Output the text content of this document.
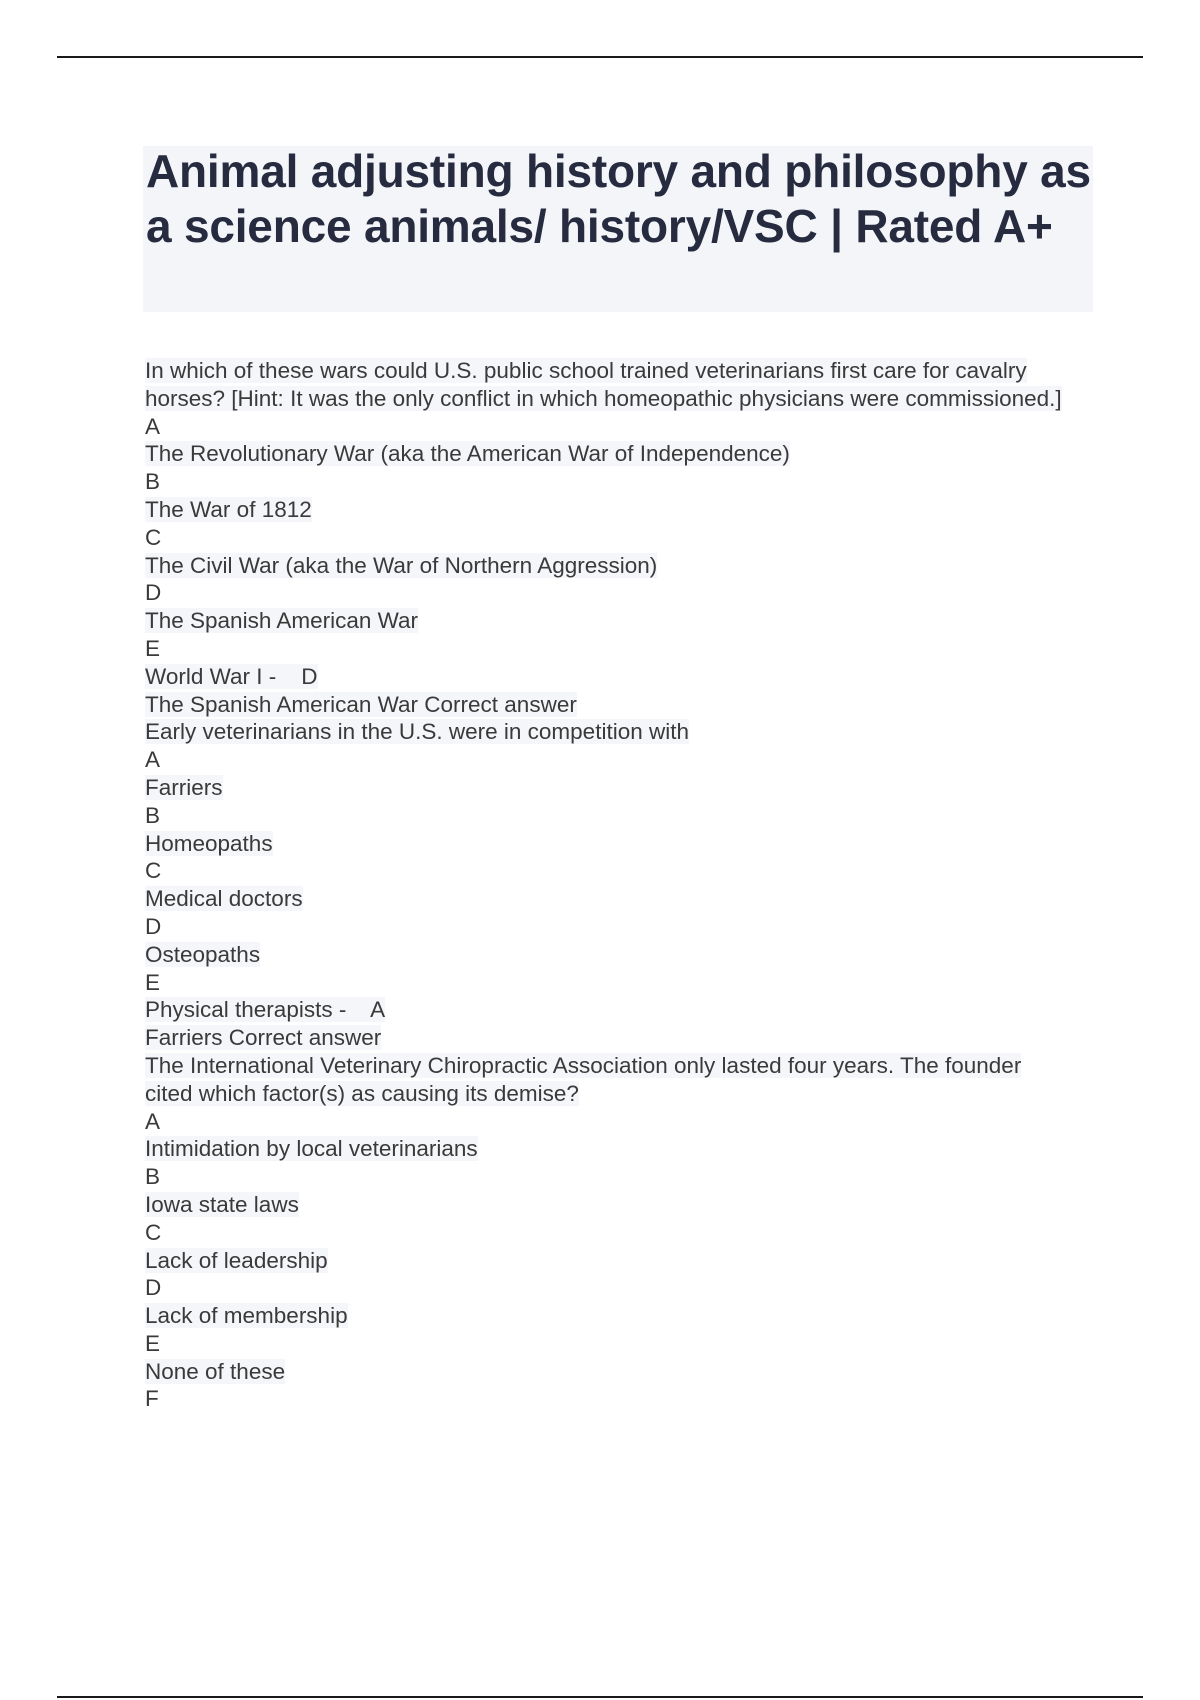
Animal adjusting history and philosophy as a science animals/ history/VSC | Rated A+
In which of these wars could U.S. public school trained veterinarians first care for cavalry horses? [Hint: It was the only conflict in which homeopathic physicians were commissioned.]
A
The Revolutionary War (aka the American War of Independence)
B
The War of 1812
C
The Civil War (aka the War of Northern Aggression)
D
The Spanish American War
E
World War I -    D
The Spanish American War Correct answer
Early veterinarians in the U.S. were in competition with
A
Farriers
B
Homeopaths
C
Medical doctors
D
Osteopaths
E
Physical therapists -    A
Farriers Correct answer
The International Veterinary Chiropractic Association only lasted four years. The founder cited which factor(s) as causing its demise?
A
Intimidation by local veterinarians
B
Iowa state laws
C
Lack of leadership
D
Lack of membership
E
None of these
F
